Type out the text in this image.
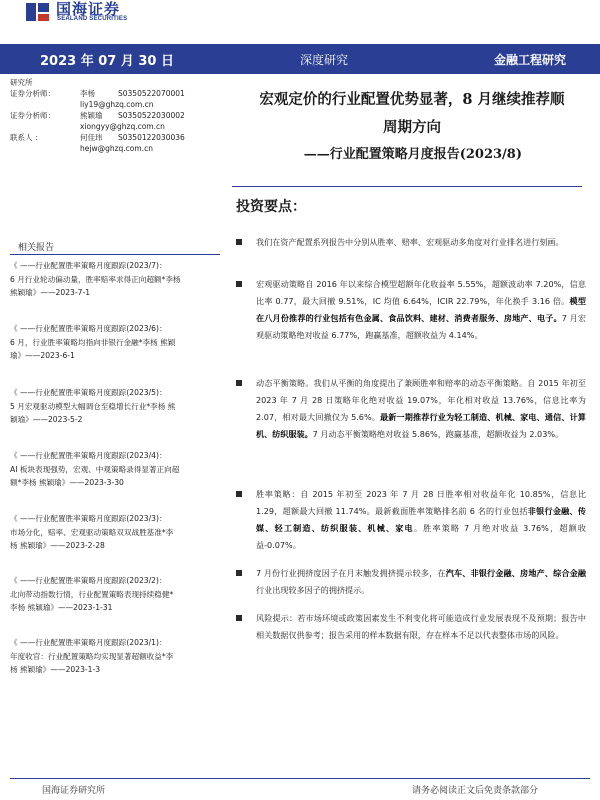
国海证券
SEALAND SECURITIES
2023 年 07 月 30 日	深度研究	金融工程研究
研究所
证券分析师：	李杨	S0350522070001
liy19@ghzq.com.cn
证券分析师：	熊颖瑜 S0350522030002
xiongyy@ghzq.com.cn
联系人 ：	何佳玮 S0350122030036
hejw@ghzq.com.cn
宏观定价的行业配置优势显著，8 月继续推荐顺
周期方向
——行业配置策略月度报告(2023/8)
投资要点：
相关报告
《 ——行业配置胜率策略月度跟踪(2023/7)：
6 月行业轮动偏动量，胜率赔率求得正向超额*李杨
熊颖瑜》——2023-7-1
《 ——行业配置胜率策略月度跟踪(2023/6)：
6 月，行业胜率策略均指向非银行金融*李杨 熊颖
瑜》——2023-6-1
《 ——行业配置胜率策略月度跟踪(2023/5)：
5 月宏观驱动模型大幅调仓至稳增长行业*李杨 熊
颖瑜》——2023-5-2
《 ——行业配置胜率策略月度跟踪(2023/4)：
AI 板块表现强势，宏观、中观策略录得显著正向超
额*李杨 熊颖瑜》——2023-3-30
《 ——行业配置胜率策略月度跟踪(2023/3)：
市场分化，赔率、宏观驱动策略双双战胜基准*李
杨 熊颖瑜》——2023-2-28
《 ——行业配置胜率策略月度跟踪(2023/2)：
北向带动指数行情，行业配置策略表现持续稳健*
李杨 熊颖瑜》——2023-1-31
《 ——行业配置胜率策略月度跟踪(2023/1)：
年度收官：行业配置策略均实现显著超额收益*李
杨 熊颖瑜》——2023-1-3
我们在资产配置系列报告中分别从胜率、赔率、宏观驱动多角度对行业排名进行刻画。
宏观驱动策略自 2016 年以来综合模型超额年化收益率 5.55%，超额波动率 7.20%，信息比率 0.77，最大回撤 9.51%，IC 均值 6.64%，ICIR 22.79%，年化换手 3.16 倍。模型在八月份推荐的行业包括有色金属、食品饮料、建材、消费者服务、房地产、电子。7 月宏观驱动策略绝对收益 6.77%，跑赢基准，超额收益为 4.14%。
动态平衡策略。我们从平衡的角度提出了兼顾胜率和赔率的动态平衡策略。自 2015 年初至 2023 年 7 月 28 日策略年化绝对收益 19.07%，年化相对收益 13.76%，信息比率为 2.07，相对最大回撤仅为 5.6%。最新一期推荐行业为轻工制造、机械、家电、通信、计算机、纺织服装。7 月动态平衡策略绝对收益 5.86%，跑赢基准，超额收益为 2.03%。
胜率策略：自 2015 年初至 2023 年 7 月 28 日胜率相对收益年化 10.85%，信息比 1.29，超额最大回撤 11.74%。最新截面胜率策略排名前 6 名的行业包括非银行金融、传媒、轻工制造、纺织服装、机械、家电。胜率策略 7 月绝对收益 3.76%，超额收益-0.07%。
7 月份行业拥挤度因子在月末触发拥挤提示较多，在汽车、非银行金融、房地产、综合金融行业出现较多因子的拥挤提示。
风险提示：若市场环境或政策因素发生不利变化将可能造成行业发展表现不及预期；报告中相关数据仅供参考；报告采用的样本数据有限，存在样本不足以代表整体市场的风险。
国海证券研究所	请务必阅读正文后免责条款部分
